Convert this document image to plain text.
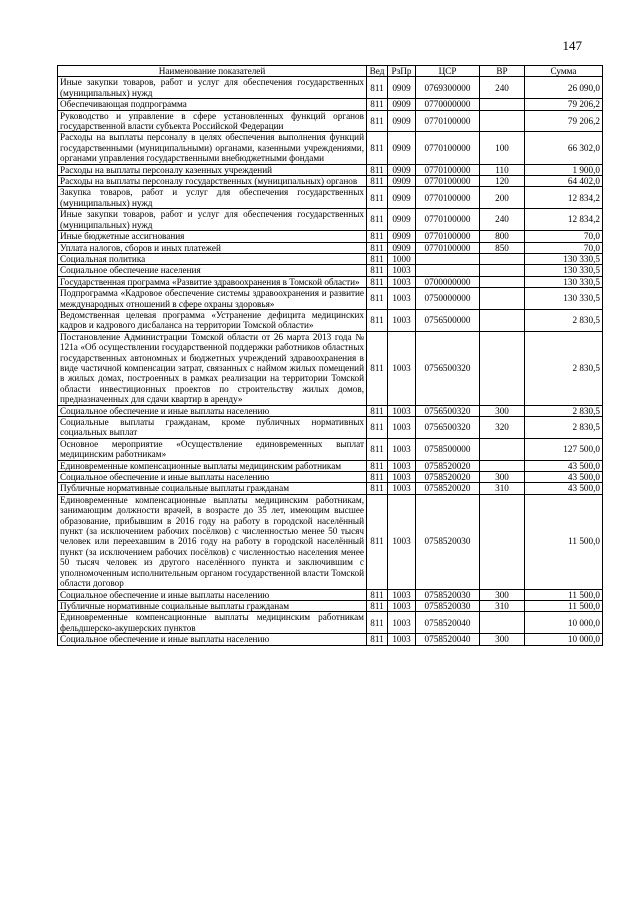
147
Наименование показателей	Вед	РзПр	ЦСР	ВР	Сумма
Иные закупки товаров, работ и услуг для обеспечения государственных (муниципальных) нужд	811	0909	0769300000	240	26 090,0
Обеспечивающая подпрограмма	811	0909	0770000000		79 206,2
Руководство и управление в сфере установленных функций органов государственной власти субъекта Российской Федерации	811	0909	0770100000		79 206,2
Расходы на выплаты персоналу в целях обеспечения выполнения функций государственными (муниципальными) органами, казенными учреждениями, органами управления государственными внебюджетными фондами	811	0909	0770100000	100	66 302,0
Расходы на выплаты персоналу казенных учреждений	811	0909	0770100000	110	1 900,0
Расходы на выплаты персоналу государственных (муниципальных) органов	811	0909	0770100000	120	64 402,0
Закупка товаров, работ и услуг для обеспечения государственных (муниципальных) нужд	811	0909	0770100000	200	12 834,2
Иные закупки товаров, работ и услуг для обеспечения государственных (муниципальных) нужд	811	0909	0770100000	240	12 834,2
Иные бюджетные ассигнования	811	0909	0770100000	800	70,0
Уплата налогов, сборов и иных платежей	811	0909	0770100000	850	70,0
Социальная политика	811	1000			130 330,5
Социальное обеспечение населения	811	1003			130 330,5
Государственная программа «Развитие здравоохранения в Томской области»	811	1003	0700000000		130 330,5
Подпрограмма «Кадровое обеспечение системы здравоохранения и развитие международных отношений в сфере охраны здоровья»	811	1003	0750000000		130 330,5
Ведомственная целевая программа «Устранение дефицита медицинских кадров и кадрового дисбаланса на территории Томской области»	811	1003	0756500000		2 830,5
Постановление Администрации Томской области от 26 марта 2013 года № 121а «Об осуществлении государственной поддержки работников областных государственных автономных и бюджетных учреждений здравоохранения в виде частичной компенсации затрат, связанных с наймом жилых помещений в жилых домах, построенных в рамках реализации на территории Томской области инвестиционных проектов по строительству жилых домов, предназначенных для сдачи квартир в аренду»	811	1003	0756500320		2 830,5
Социальное обеспечение и иные выплаты населению	811	1003	0756500320	300	2 830,5
Социальные выплаты гражданам, кроме публичных нормативных социальных выплат	811	1003	0756500320	320	2 830,5
Основное мероприятие «Осуществление единовременных выплат медицинским работникам»	811	1003	0758500000		127 500,0
Единовременные компенсационные выплаты медицинским работникам	811	1003	0758520020		43 500,0
Социальное обеспечение и иные выплаты населению	811	1003	0758520020	300	43 500,0
Публичные нормативные социальные выплаты гражданам	811	1003	0758520020	310	43 500,0
Единовременные компенсационные выплаты медицинским работникам, занимающим должности врачей, в возрасте до 35 лет, имеющим высшее образование, прибывшим в 2016 году на работу в городской населённый пункт (за исключением рабочих посёлков) с численностью менее 50 тысяч человек или переехавшим в 2016 году на работу в городской населённый пункт (за исключением рабочих посёлков) с численностью населения менее 50 тысяч человек из другого населённого пункта и заключившим с уполномоченным исполнительным органом государственной власти Томской области договор	811	1003	0758520030		11 500,0
Социальное обеспечение и иные выплаты населению	811	1003	0758520030	300	11 500,0
Публичные нормативные социальные выплаты гражданам	811	1003	0758520030	310	11 500,0
Единовременные компенсационные выплаты медицинским работникам фельдшерско-акушерских пунктов	811	1003	0758520040		10 000,0
Социальное обеспечение и иные выплаты населению	811	1003	0758520040	300	10 000,0
